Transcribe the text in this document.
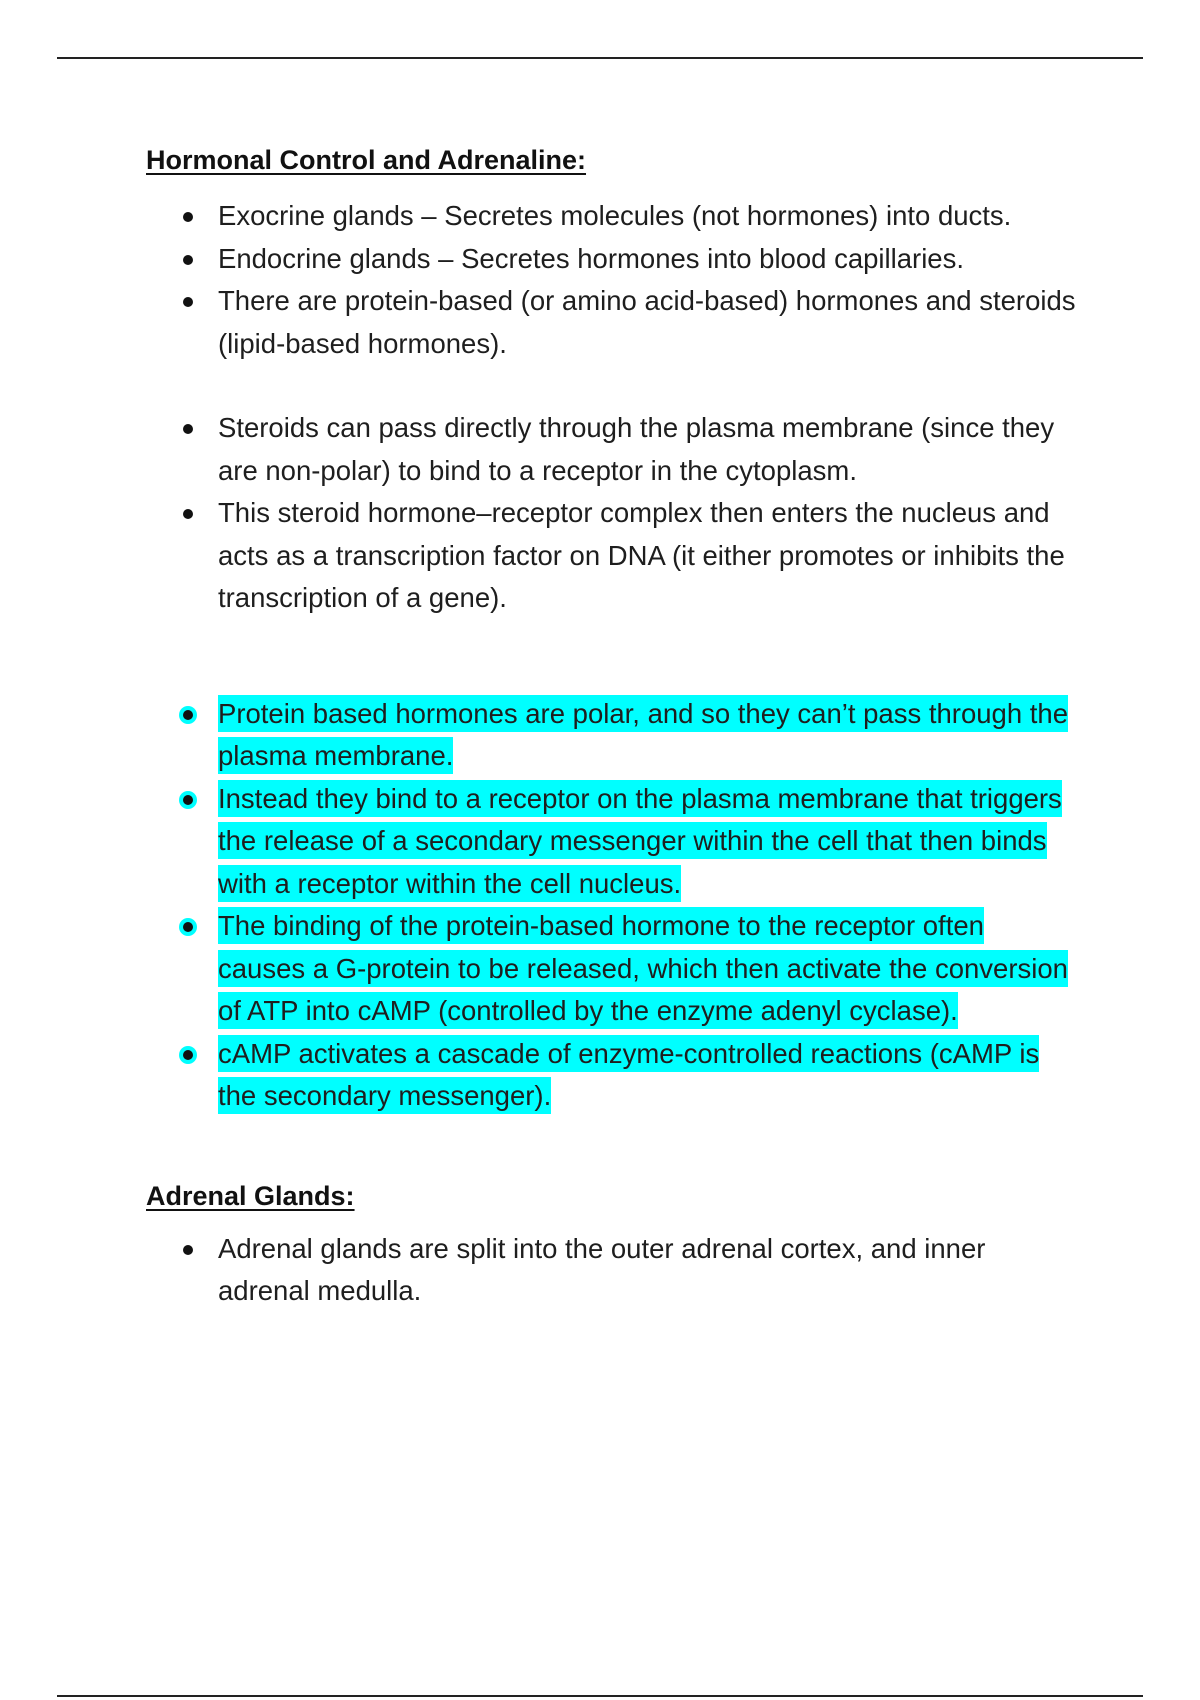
Hormonal Control and Adrenaline:
Exocrine glands – Secretes molecules (not hormones) into ducts.
Endocrine glands – Secretes hormones into blood capillaries.
There are protein-based (or amino acid-based) hormones and steroids (lipid-based hormones).
Steroids can pass directly through the plasma membrane (since they are non-polar) to bind to a receptor in the cytoplasm.
This steroid hormone–receptor complex then enters the nucleus and acts as a transcription factor on DNA (it either promotes or inhibits the transcription of a gene).
Protein based hormones are polar, and so they can’t pass through the plasma membrane.
Instead they bind to a receptor on the plasma membrane that triggers the release of a secondary messenger within the cell that then binds with a receptor within the cell nucleus.
The binding of the protein-based hormone to the receptor often causes a G-protein to be released, which then activate the conversion of ATP into cAMP (controlled by the enzyme adenyl cyclase).
cAMP activates a cascade of enzyme-controlled reactions (cAMP is the secondary messenger).
Adrenal Glands:
Adrenal glands are split into the outer adrenal cortex, and inner adrenal medulla.
